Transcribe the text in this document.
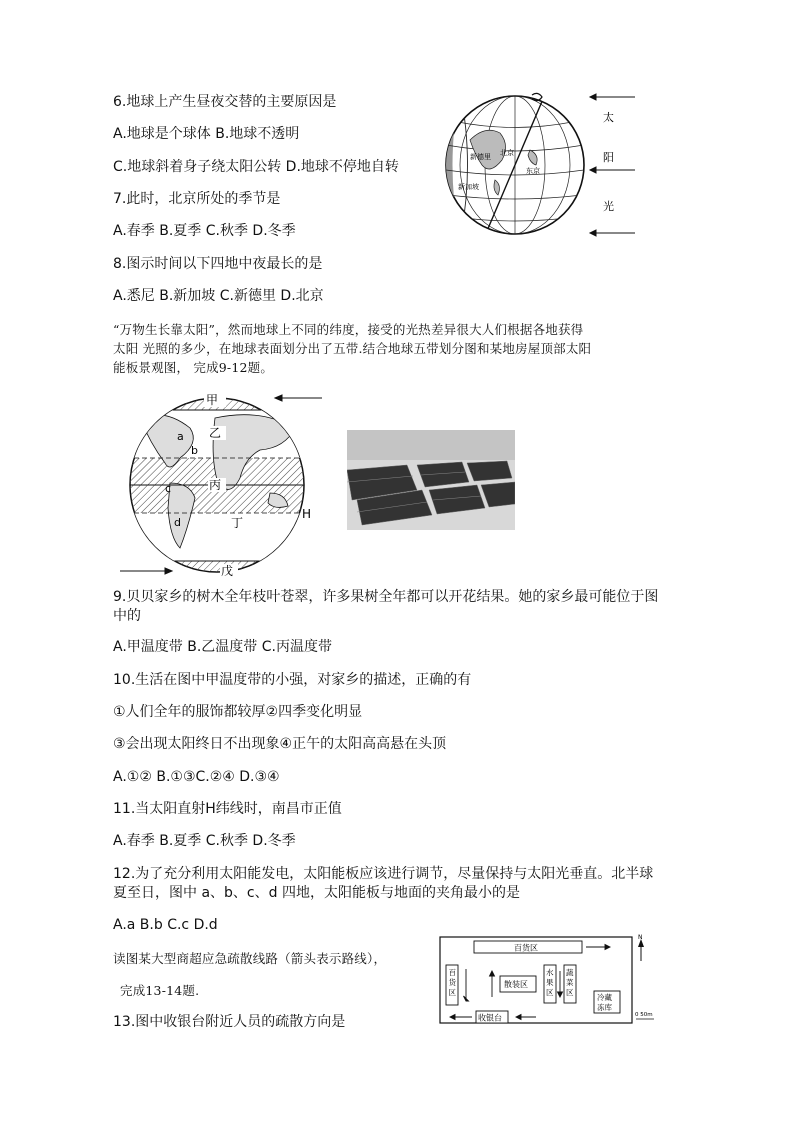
6.地球上产生昼夜交替的主要原因是
A.地球是个球体 B.地球不透明
C.地球斜着身子绕太阳公转 D.地球不停地自转
7.此时，北京所处的季节是
A.春季 B.夏季 C.秋季 D.冬季
8.图示时间以下四地中夜最长的是
A.悉尼 B.新加坡 C.新德里 D.北京
北京
东京
新德里
新加坡
太
阳
光
“万物生长靠太阳”，然而地球上不同的纬度，接受的光热差异很大人们根据各地获得
太阳 光照的多少，在地球表面划分出了五带.结合地球五带划分图和某地房屋顶部太阳
能板景观图， 完成9-12题。
甲
乙
丙
丁
戊
a
b
c
d
H
9.贝贝家乡的树木全年枝叶苍翠，许多果树全年都可以开花结果。她的家乡最可能位于图
中的
A.甲温度带 B.乙温度带 C.丙温度带
10.生活在图中甲温度带的小强，对家乡的描述，正确的有
①人们全年的服饰都较厚②四季变化明显
③会出现太阳终日不出现象④正午的太阳高高悬在头顶
A.①② B.①③C.②④ D.③④
11.当太阳直射H纬线时，南昌市正值
A.春季 B.夏季 C.秋季 D.冬季
12.为了充分利用太阳能发电，太阳能板应该进行调节，尽量保持与太阳光垂直。北半球
夏至日，图中 a、b、c、d 四地，太阳能板与地面的夹角最小的是
A.a B.b C.c D.d
读图某大型商超应急疏散线路（箭头表示路线），
完成13-14题.
13.图中收银台附近人员的疏散方向是
百货区
百货区
散装区
水果区
蔬菜区
冷藏冻库
收银台
N
0 50m
